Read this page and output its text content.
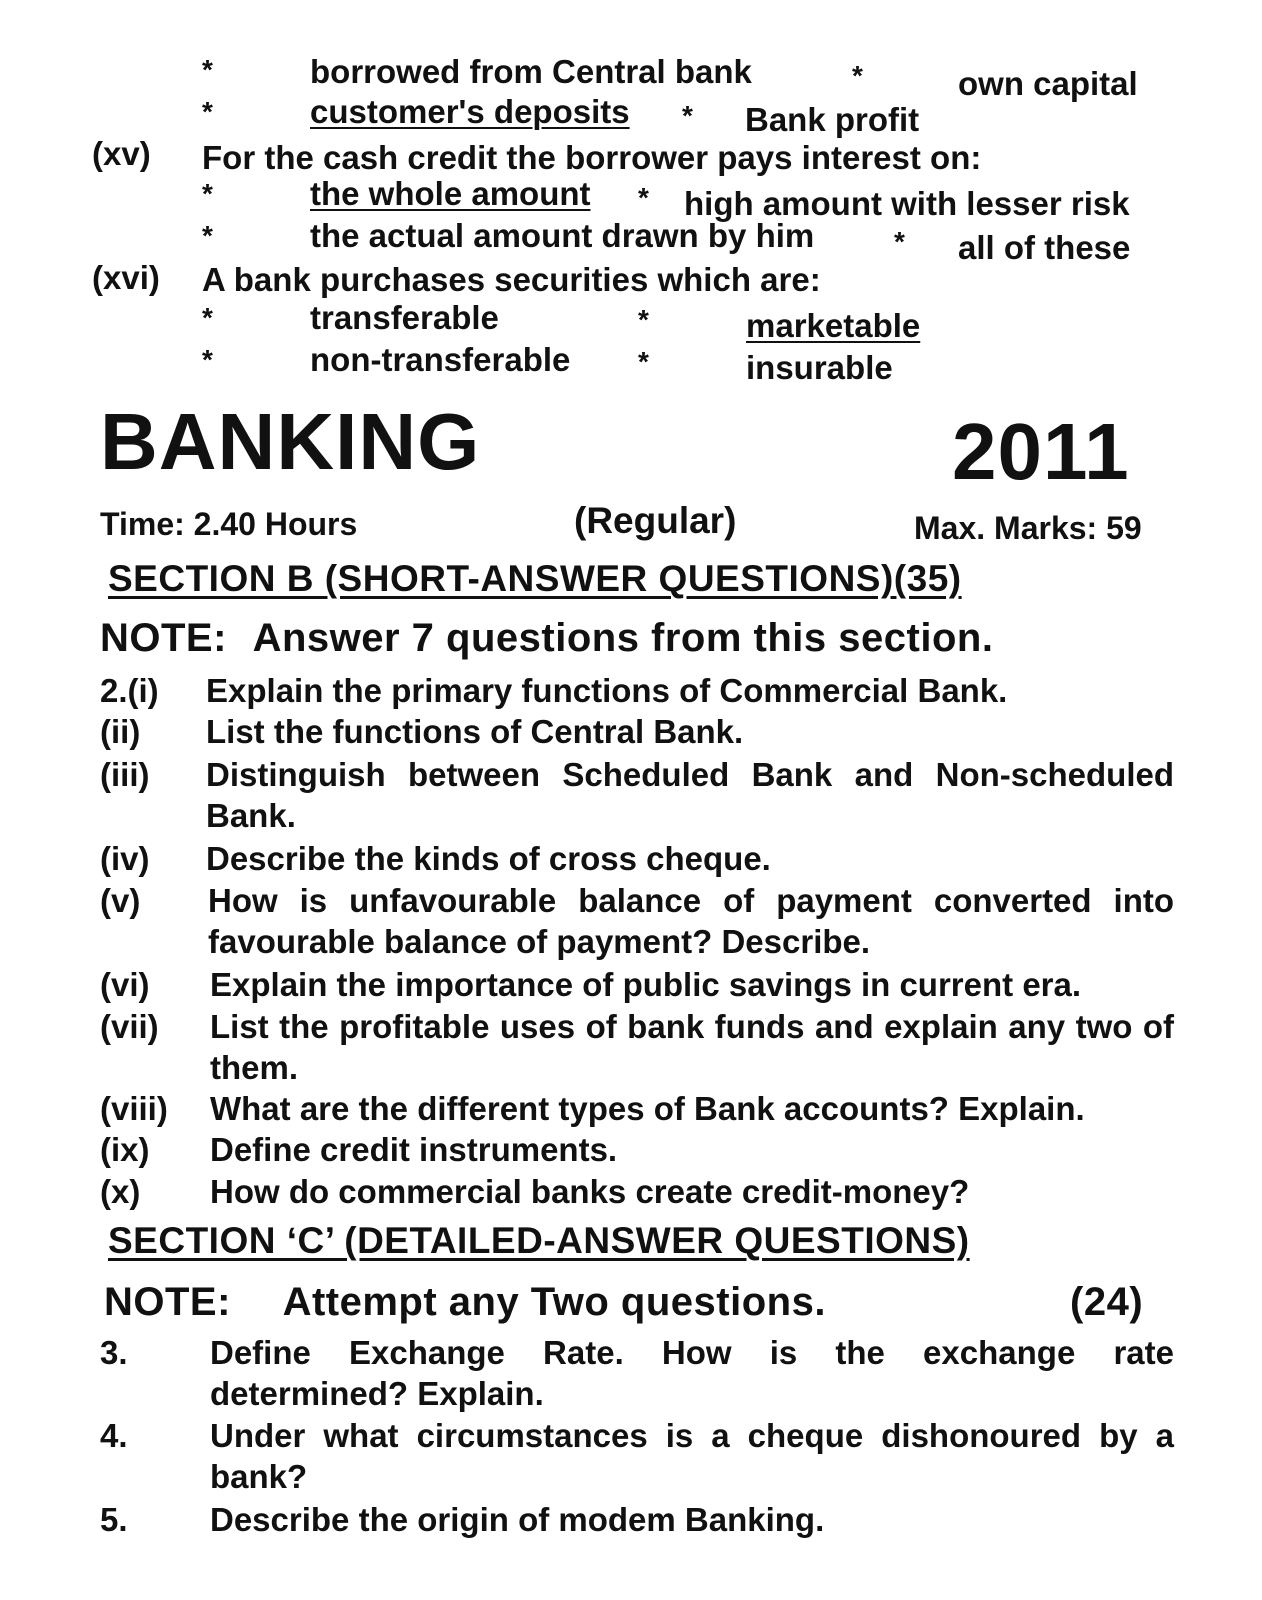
*	borrowed from Central bank	*	own capital
*	customer's deposits * Bank profit
(xv) For the cash credit the borrower pays interest on:
*	the whole amount * high amount with lesser risk
*	the actual amount drawn by him	* all of these
(xvi) A bank purchases securities which are:
*	transferable	*	marketable
*	non-transferable *	insurable
BANKING	2011
Time: 2.40 Hours	(Regular)	Max. Marks: 59
SECTION B (SHORT-ANSWER QUESTIONS)(35)
NOTE: Answer 7 questions from this section.
2.(i) Explain the primary functions of Commercial Bank.
(ii) List the functions of Central Bank.
(iii) Distinguish between Scheduled Bank and Non-scheduled Bank.
(iv) Describe the kinds of cross cheque.
(v) How is unfavourable balance of payment converted into favourable balance of payment? Describe.
(vi) Explain the importance of public savings in current era.
(vii) List the profitable uses of bank funds and explain any two of them.
(viii) What are the different types of Bank accounts? Explain.
(ix) Define credit instruments.
(x) How do commercial banks create credit-money?
SECTION ‘C’ (DETAILED-ANSWER QUESTIONS)
NOTE: Attempt any Two questions.	(24)
3. Define Exchange Rate. How is the exchange rate determined? Explain.
4. Under what circumstances is a cheque dishonoured by a bank?
5. Describe the origin of modem Banking.
